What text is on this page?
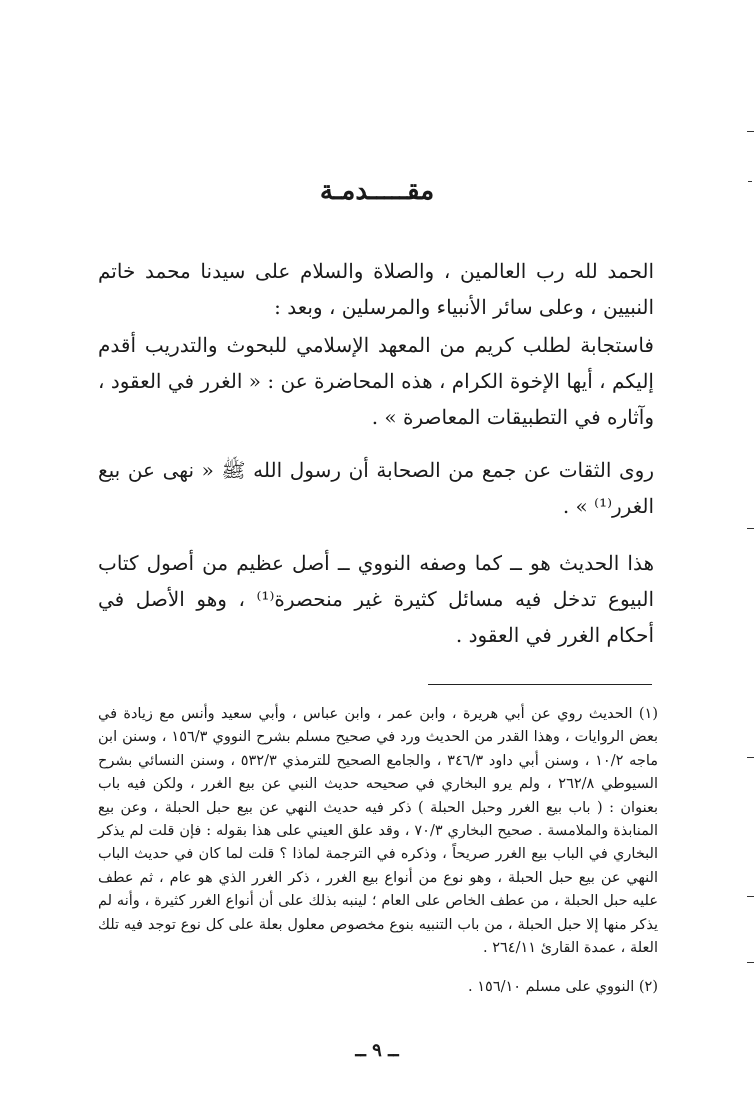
مقـــــدمـة

الحمد لله رب العالمين ، والصلاة والسلام على سيدنا محمد خاتم النبيين ، وعلى سائر الأنبياء والمرسلين ، وبعد :

فاستجابة لطلب كريم من المعهد الإسلامي للبحوث والتدريب أقدم إليكم ، أيها الإخوة الكرام ، هذه المحاضرة عن : « الغرر في العقود ، وآثاره في التطبيقات المعاصرة » .

روى الثقات عن جمع من الصحابة أن رسول الله ﷺ « نهى عن بيع الغرر⁽¹⁾ » .

هذا الحديث هو ــ كما وصفه النووي ــ أصل عظيم من أصول كتاب البيوع تدخل فيه مسائل كثيرة غير منحصرة⁽¹⁾ ، وهو الأصل في أحكام الغرر في العقود .

(١) الحديث روي عن أبي هريرة ، وابن عمر ، وابن عباس ، وأبي سعيد وأنس مع زيادة في بعض الروايات ، وهذا القدر من الحديث ورد في صحيح مسلم بشرح النووي ١٥٦/٣ ، وسنن ابن ماجه ١٠/٢ ، وسنن أبي داود ٣٤٦/٣ ، والجامع الصحيح للترمذي ٥٣٢/٣ ، وسنن النسائي بشرح السيوطي ٢٦٢/٨ ، ولم يرو البخاري في صحيحه حديث النبي عن بيع الغرر ، ولكن فيه باب بعنوان : ( باب بيع الغرر وحبل الحبلة ) ذكر فيه حديث النهي عن بيع حبل الحبلة ، وعن بيع المنابذة والملامسة . صحيح البخاري ٧٠/٣ ، وقد علق العيني على هذا بقوله : فإن قلت لم يذكر البخاري في الباب بيع الغرر صريحاً ، وذكره في الترجمة لماذا ؟ قلت لما كان في حديث الباب النهي عن بيع حبل الحبلة ، وهو نوع من أنواع بيع الغرر ، ذكر الغرر الذي هو عام ، ثم عطف عليه حبل الحبلة ، من عطف الخاص على العام ؛ لينبه بذلك على أن أنواع الغرر كثيرة ، وأنه لم يذكر منها إلا حبل الحبلة ، من باب التنبيه بنوع مخصوص معلول بعلة على كل نوع توجد فيه تلك العلة ، عمدة القارئ ٢٦٤/١١ .

(٢) النووي على مسلم ١٥٦/١٠ .

ــ ٩ ــ
